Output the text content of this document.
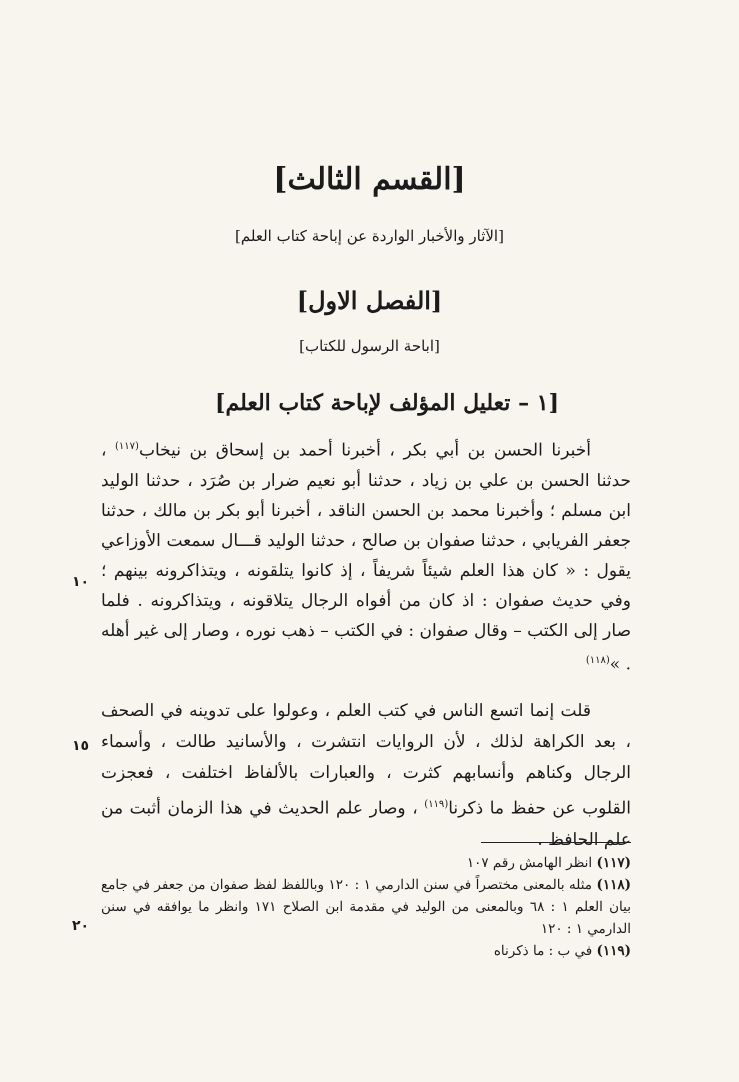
[القسم الثالث]
[الآثار والأخبار الواردة عن إباحة كتاب العلم]
[الفصل الاول]
[اباحة الرسول للكتاب]
[١ – تعليل المؤلف لإباحة كتاب العلم]

أخبرنا الحسن بن أبي بكر ، أخبرنا أحمد بن إسحاق بن نيخاب$^{(١١٧)}$ ، حدثنا الحسن بن علي بن زياد ، حدثنا أبو نعيم ضرار بن صُرَد ، حدثنا الوليد ابن مسلم ؛ وأخبرنا محمد بن الحسن الناقد ، أخبرنا أبو بكر بن مالك ، حدثنا جعفر الفريابي ، حدثنا صفوان بن صالح ، حدثنا الوليد قـــال سمعت الأوزاعي يقول : « كان هذا العلم شيئاً شريفاً ، إذ كانوا يتلقونه ، ويتذاكرونه بينهم ؛ وفي حديث صفوان : اذ كان من أفواه الرجال يتلاقونه ، ويتذاكرونه . فلما صار إلى الكتب – وقال صفوان : في الكتب – ذهب نوره ، وصار إلى غير أهله . »$^{(١١٨)}$

قلت إنما اتسع الناس في كتب العلم ، وعولوا على تدوينه في الصحف ، بعد الكراهة لذلك ، لأن الروايات انتشرت ، والأسانيد طالت ، وأسماء الرجال وكناهم وأنسابهم كثرت ، والعبارات بالألفاظ اختلفت ، فعجزت القلوب عن حفظ ما ذكرنا$^{(١١٩)}$ ، وصار علم الحديث في هذا الزمان أثبت من علم الحافظ .

١٠
١٥
٢٠

(١١٧) انظر الهامش رقم ١٠٧

(١١٨) مثله بالمعنى مختصراً في سنن الدارمي ١ : ١٢٠ وباللفظ لفظ صفوان من جعفر في جامع بيان العلم ١ : ٦٨ وبالمعنى من الوليد في مقدمة ابن الصلاح ١٧١ وانظر ما يوافقه في سنن الدارمي ١ : ١٢٠

(١١٩) في ب : ما ذكرناه
